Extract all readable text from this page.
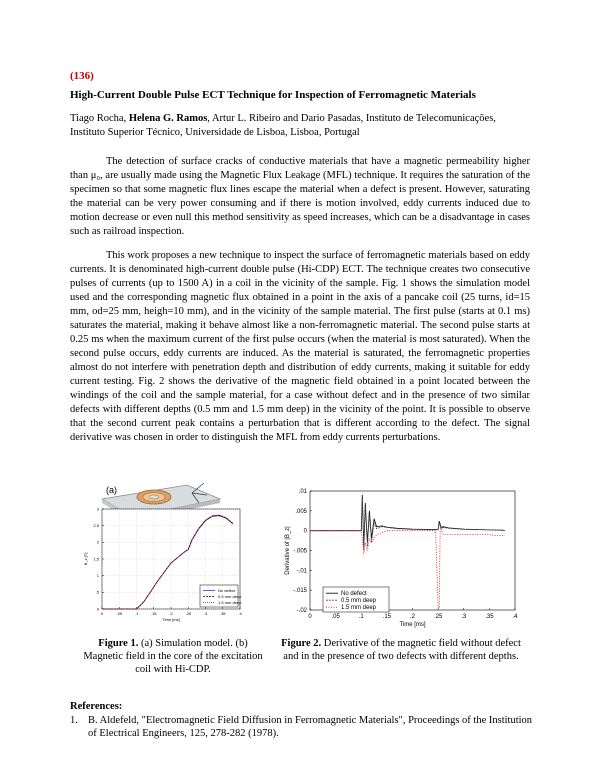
(136)
High-Current Double Pulse ECT Technique for Inspection of Ferromagnetic Materials
Tiago Rocha, Helena G. Ramos, Artur L. Ribeiro and Dario Pasadas, Instituto de Telecomunicações, Instituto Superior Técnico, Universidade de Lisboa, Lisboa, Portugal

The detection of surface cracks of conductive materials that have a magnetic permeability higher than μ₀, are usually made using the Magnetic Flux Leakage (MFL) technique. It requires the saturation of the specimen so that some magnetic flux lines escape the material when a defect is present. However, saturating the material can be very power consuming and if there is motion involved, eddy currents induced due to motion decrease or even null this method sensitivity as speed increases, which can be a disadvantage in cases such as railroad inspection.

This work proposes a new technique to inspect the surface of ferromagnetic materials based on eddy currents. It is denominated high-current double pulse (Hi-CDP) ECT. The technique creates two consecutive pulses of currents (up to 1500 A) in a coil in the vicinity of the sample. Fig. 1 shows the simulation model used and the corresponding magnetic flux obtained in a point in the axis of a pancake coil (25 turns, id=15 mm, od=25 mm, heigh=10 mm), and in the vicinity of the sample material. The first pulse (starts at 0.1 ms) saturates the material, making it behave almost like a non-ferromagnetic material. The second pulse starts at 0.25 ms when the maximum current of the first pulse occurs (when the material is most saturated). When the second pulse occurs, eddy currents are induced. As the material is saturated, the ferromagnetic properties almost do not interfere with penetration depth and distribution of eddy currents, making it suitable for eddy current testing. Fig. 2 shows the derivative of the magnetic field obtained in a point located between the windings of the coil and the sample material, for a case without defect and in the presence of two similar defects with different depths (0.5 mm and 1.5 mm deep) in the vicinity of the point. It is possible to observe that the second current peak contains a perturbation that is different according to the defect. The signal derivative was chosen in order to distinguish the MFL from eddy currents perturbations.

(a)
0	.05	.1	.15	.2	.25	.3	.35	.4
0
.5
1
1.5
2
2.5
3
Time [ms]
B_z [T]
No defect
0.5 mm deep
1.5 mm deep
0	.05	.1	.15	.2	.25	.3	.35	.4
-.02
-.015
-.01
-.005
0
.005
.01
Time [ms]
Derivative of |B_z|
No defect
0.5 mm deep
1.5 mm deep
Figure 1. (a) Simulation model. (b) Magnetic field in the core of the excitation coil with Hi-CDP.
Figure 2. Derivative of the magnetic field without defect and in the presence of two defects with different depths.
References:
1. B. Aldefeld, "Electromagnetic Field Diffusion in Ferromagnetic Materials", Proceedings of the Institution of Electrical Engineers, 125, 278-282 (1978).
